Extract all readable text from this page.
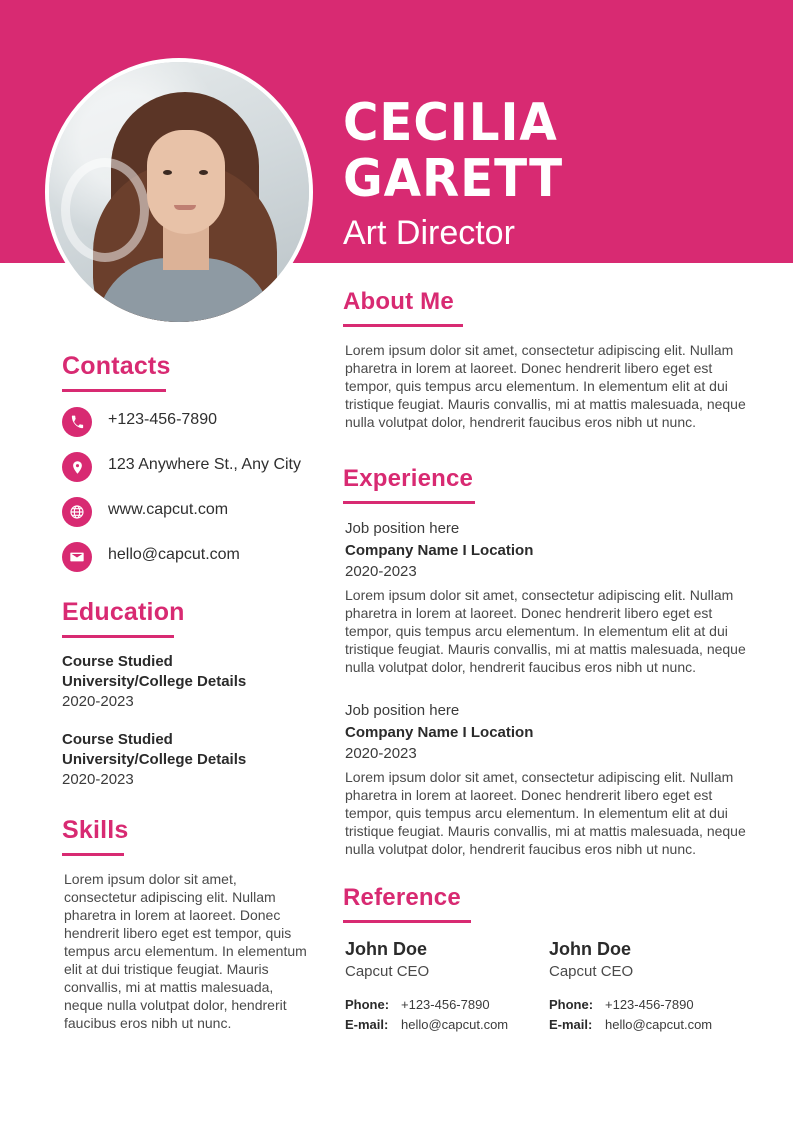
CECILIA GARETT
Art Director
Contacts
+123-456-7890
123 Anywhere St., Any City
www.capcut.com
hello@capcut.com
Education
Course Studied
University/College Details
2020-2023
Course Studied
University/College Details
2020-2023
Skills

Lorem ipsum dolor sit amet, consectetur adipiscing elit. Nullam pharetra in lorem at laoreet. Donec hendrerit libero eget est tempor, quis tempus arcu elementum. In elementum elit at dui tristique feugiat. Mauris convallis, mi at mattis malesuada, neque nulla volutpat dolor, hendrerit faucibus eros nibh ut nunc.

About Me

Lorem ipsum dolor sit amet, consectetur adipiscing elit. Nullam pharetra in lorem at laoreet. Donec hendrerit libero eget est tempor, quis tempus arcu elementum. In elementum elit at dui tristique feugiat. Mauris convallis, mi at mattis malesuada, neque nulla volutpat dolor, hendrerit faucibus eros nibh ut nunc.

Experience
Job position here
Company Name I Location
2020-2023

Lorem ipsum dolor sit amet, consectetur adipiscing elit. Nullam pharetra in lorem at laoreet. Donec hendrerit libero eget est tempor, quis tempus arcu elementum. In elementum elit at dui tristique feugiat. Mauris convallis, mi at mattis malesuada, neque nulla volutpat dolor, hendrerit faucibus eros nibh ut nunc.

Job position here
Company Name I Location
2020-2023

Lorem ipsum dolor sit amet, consectetur adipiscing elit. Nullam pharetra in lorem at laoreet. Donec hendrerit libero eget est tempor, quis tempus arcu elementum. In elementum elit at dui tristique feugiat. Mauris convallis, mi at mattis malesuada, neque nulla volutpat dolor, hendrerit faucibus eros nibh ut nunc.

Reference
John Doe
Capcut CEO
Phone: +123-456-7890
E-mail: hello@capcut.com
John Doe
Capcut CEO
Phone: +123-456-7890
E-mail: hello@capcut.com
